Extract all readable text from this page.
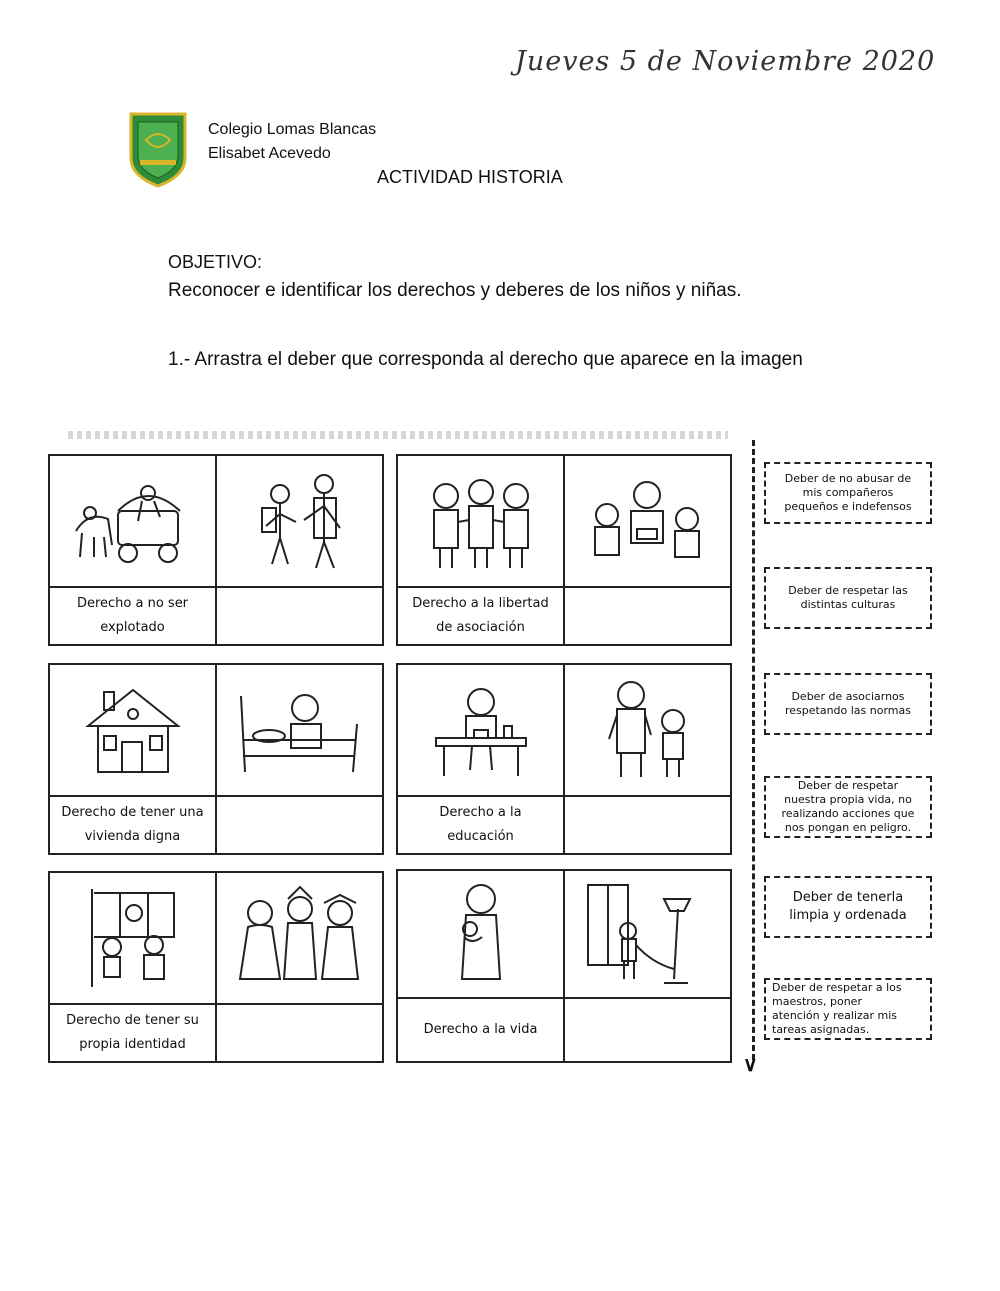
Jueves 5 de Noviembre 2020
Colegio Lomas Blancas
Elisabet Acevedo
ACTIVIDAD HISTORIA
OBJETIVO:
Reconocer e identificar los derechos y deberes de los niños y niñas.
1.- Arrastra el deber que corresponda al derecho que aparece en la imagen
Derecho a no ser
explotado
Derecho a la libertad
de asociación
Derecho de tener una
vivienda digna
Derecho a la
educación
Derecho de tener su
propia identidad
Derecho a la vida
∨
Deber de no abusar de
mis compañeros
pequeños e indefensos
Deber de respetar las
distintas culturas
Deber de asociarnos
respetando las normas
Deber de respetar
nuestra propia vida, no
realizando acciones que
nos pongan en peligro.
Deber de tenerla
limpia y ordenada
Deber de respetar a los
maestros, poner
atención y realizar mis
tareas asignadas.
